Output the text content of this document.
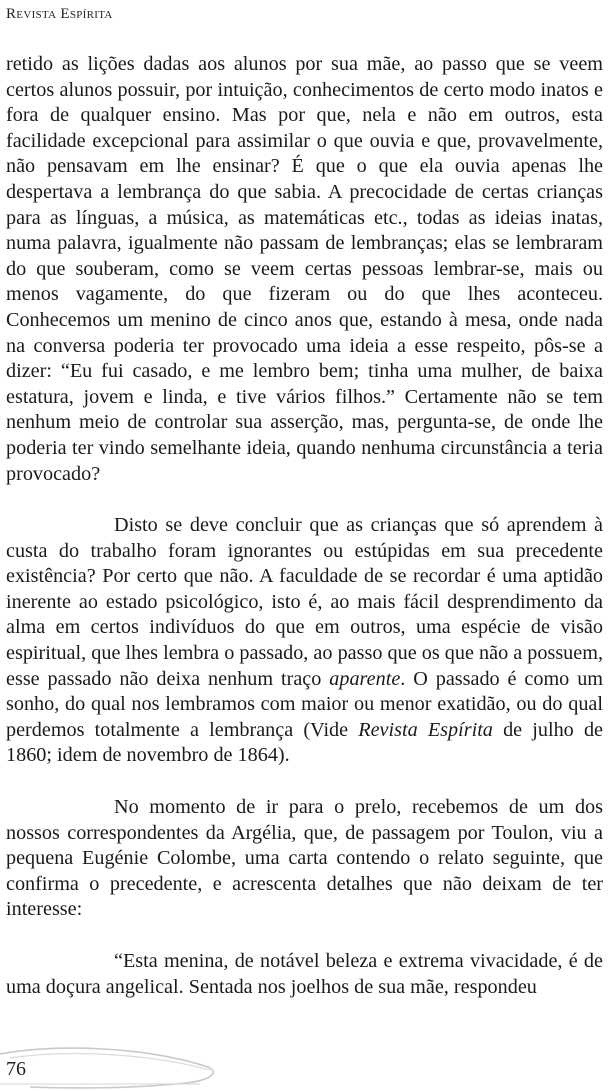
Revista Espírita

retido as lições dadas aos alunos por sua mãe, ao passo que se veem certos alunos possuir, por intuição, conhecimentos de certo modo inatos e fora de qualquer ensino. Mas por que, nela e não em outros, esta facilidade excepcional para assimilar o que ouvia e que, provavelmente, não pensavam em lhe ensinar? É que o que ela ouvia apenas lhe despertava a lembrança do que sabia. A precocidade de certas crianças para as línguas, a música, as matemáticas etc., todas as ideias inatas, numa palavra, igualmente não passam de lembranças; elas se lembraram do que souberam, como se veem certas pessoas lembrar-se, mais ou menos vagamente, do que fizeram ou do que lhes aconteceu. Conhecemos um menino de cinco anos que, estando à mesa, onde nada na conversa poderia ter provocado uma ideia a esse respeito, pôs-se a dizer: “Eu fui casado, e me lembro bem; tinha uma mulher, de baixa estatura, jovem e linda, e tive vários filhos.” Certamente não se tem nenhum meio de controlar sua asserção, mas, pergunta-se, de onde lhe poderia ter vindo semelhante ideia, quando nenhuma circunstância a teria provocado?

Disto se deve concluir que as crianças que só aprendem à custa do trabalho foram ignorantes ou estúpidas em sua precedente existência? Por certo que não. A faculdade de se recordar é uma aptidão inerente ao estado psicológico, isto é, ao mais fácil desprendimento da alma em certos indivíduos do que em outros, uma espécie de visão espiritual, que lhes lembra o passado, ao passo que os que não a possuem, esse passado não deixa nenhum traço aparente. O passado é como um sonho, do qual nos lembramos com maior ou menor exatidão, ou do qual perdemos totalmente a lembrança (Vide Revista Espírita de julho de 1860; idem de novembro de 1864).

No momento de ir para o prelo, recebemos de um dos nossos correspondentes da Argélia, que, de passagem por Toulon, viu a pequena Eugénie Colombe, uma carta contendo o relato seguinte, que confirma o precedente, e acrescenta detalhes que não deixam de ter interesse:

“Esta menina, de notável beleza e extrema vivacidade, é de uma doçura angelical. Sentada nos joelhos de sua mãe, respondeu

76
